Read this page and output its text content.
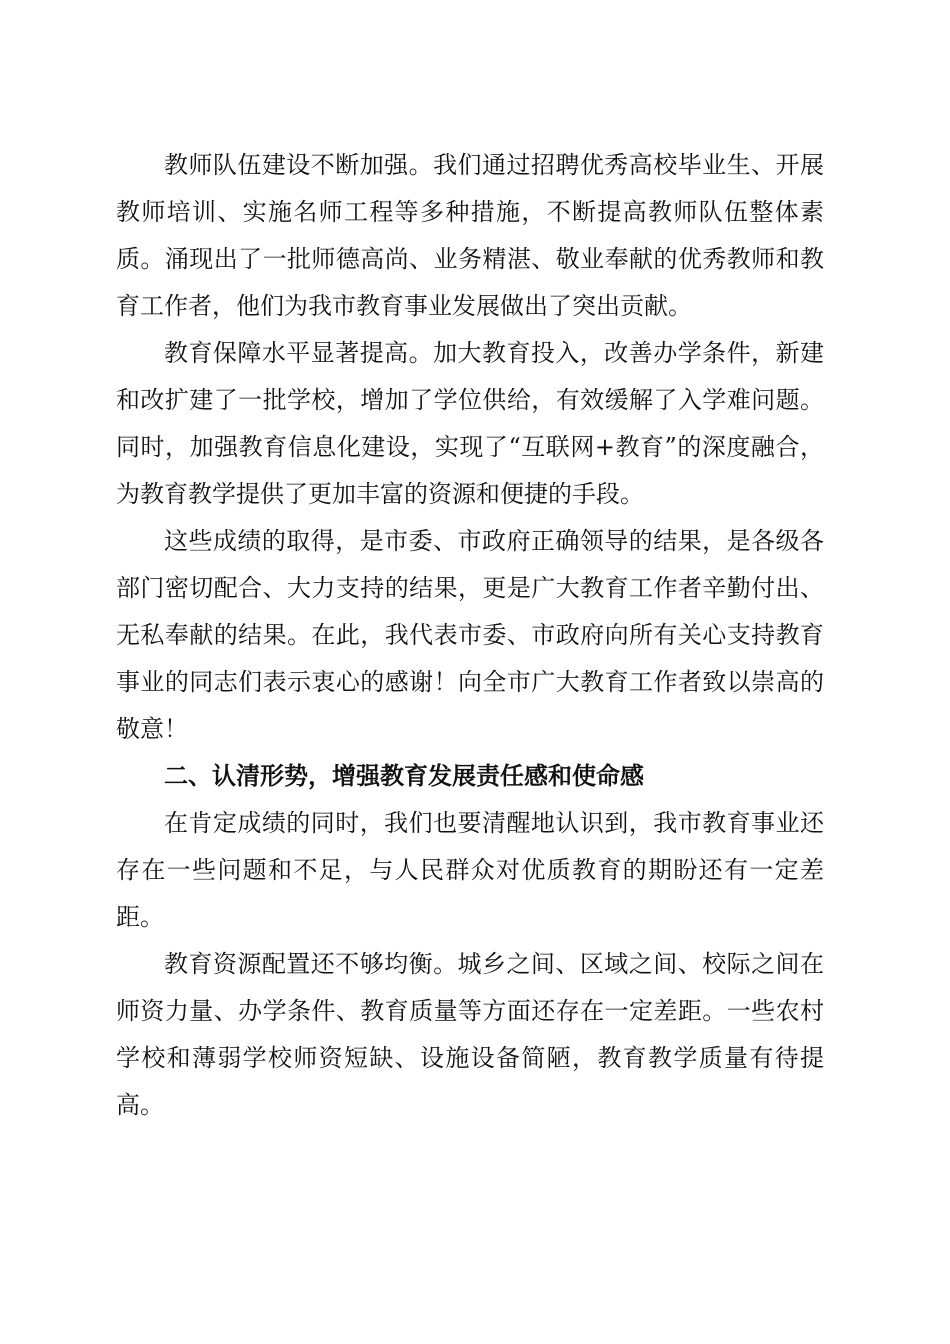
教师队伍建设不断加强。我们通过招聘优秀高校毕业生、开展教师培训、实施名师工程等多种措施，不断提高教师队伍整体素质。涌现出了一批师德高尚、业务精湛、敬业奉献的优秀教师和教育工作者，他们为我市教育事业发展做出了突出贡献。

教育保障水平显著提高。加大教育投入，改善办学条件，新建和改扩建了一批学校，增加了学位供给，有效缓解了入学难问题。同时，加强教育信息化建设，实现了“互联网+教育”的深度融合，为教育教学提供了更加丰富的资源和便捷的手段。

这些成绩的取得，是市委、市政府正确领导的结果，是各级各部门密切配合、大力支持的结果，更是广大教育工作者辛勤付出、无私奉献的结果。在此，我代表市委、市政府向所有关心支持教育事业的同志们表示衷心的感谢！向全市广大教育工作者致以崇高的敬意！

二、认清形势，增强教育发展责任感和使命感

在肯定成绩的同时，我们也要清醒地认识到，我市教育事业还存在一些问题和不足，与人民群众对优质教育的期盼还有一定差距。

教育资源配置还不够均衡。城乡之间、区域之间、校际之间在师资力量、办学条件、教育质量等方面还存在一定差距。一些农村学校和薄弱学校师资短缺、设施设备简陋，教育教学质量有待提高。
